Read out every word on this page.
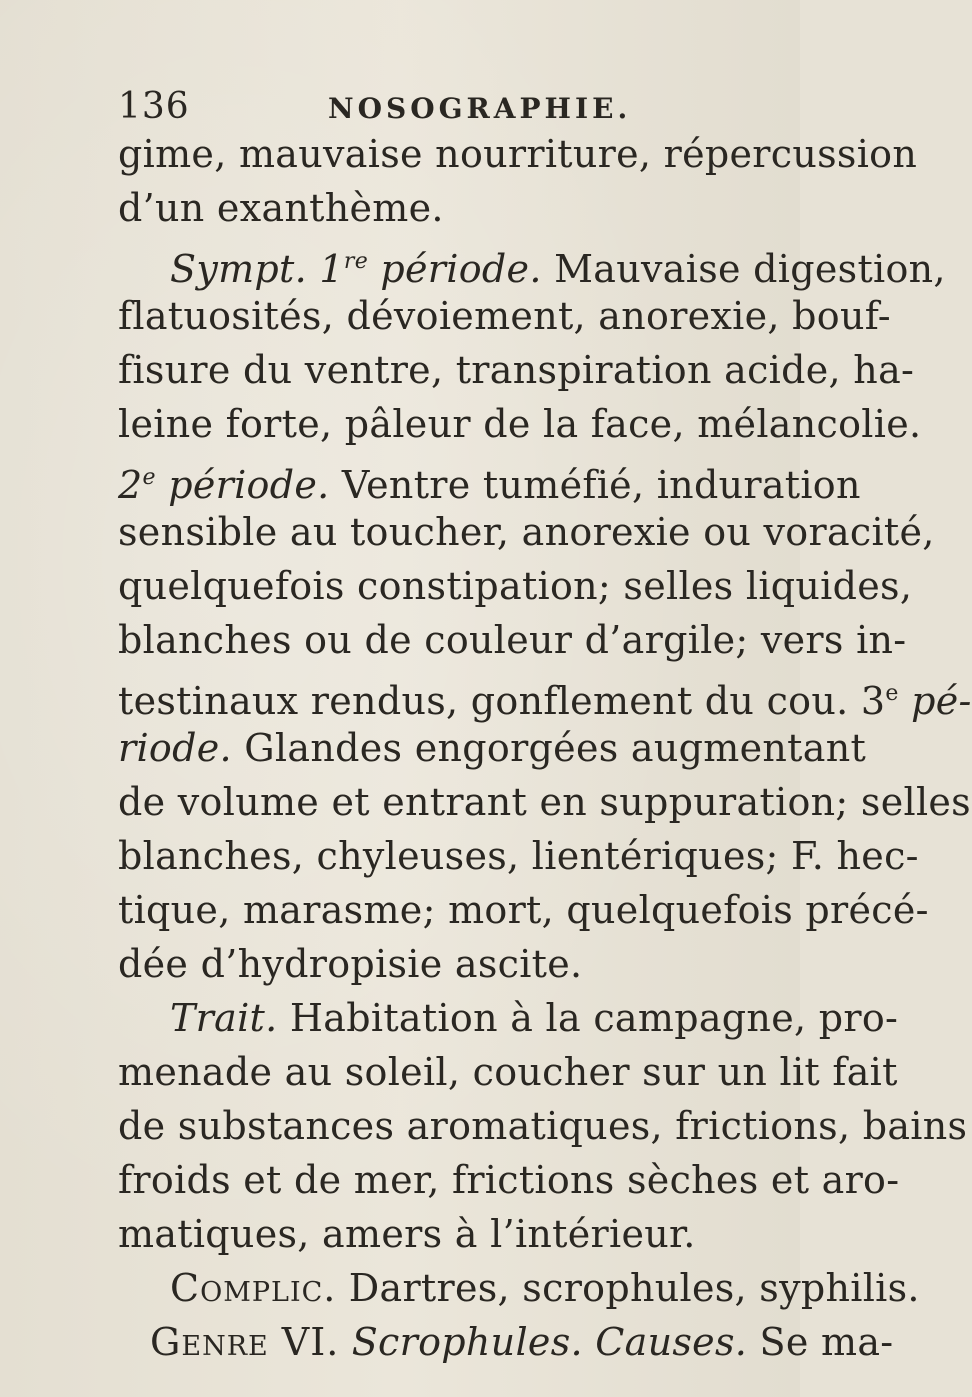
136	NOSOGRAPHIE.
gime, mauvaise nourriture, répercussion
d’un exanthème.
Sympt. 1re période. Mauvaise digestion,
flatuosités, dévoiement, anorexie, bouf-
fisure du ventre, transpiration acide, ha-
leine forte, pâleur de la face, mélancolie.
2e période. Ventre tuméfié, induration
sensible au toucher, anorexie ou voracité,
quelquefois constipation; selles liquides,
blanches ou de couleur d’argile; vers in-
testinaux rendus, gonflement du cou. 3e pé-
riode. Glandes engorgées augmentant
de volume et entrant en suppuration; selles
blanches, chyleuses, lientériques; F. hec-
tique, marasme; mort, quelquefois précé-
dée d’hydropisie ascite.
Trait. Habitation à la campagne, pro-
menade au soleil, coucher sur un lit fait
de substances aromatiques, frictions, bains
froids et de mer, frictions sèches et aro-
matiques, amers à l’intérieur.
Complic. Dartres, scrophules, syphilis.
Genre VI. Scrophules. Causes. Se ma-
